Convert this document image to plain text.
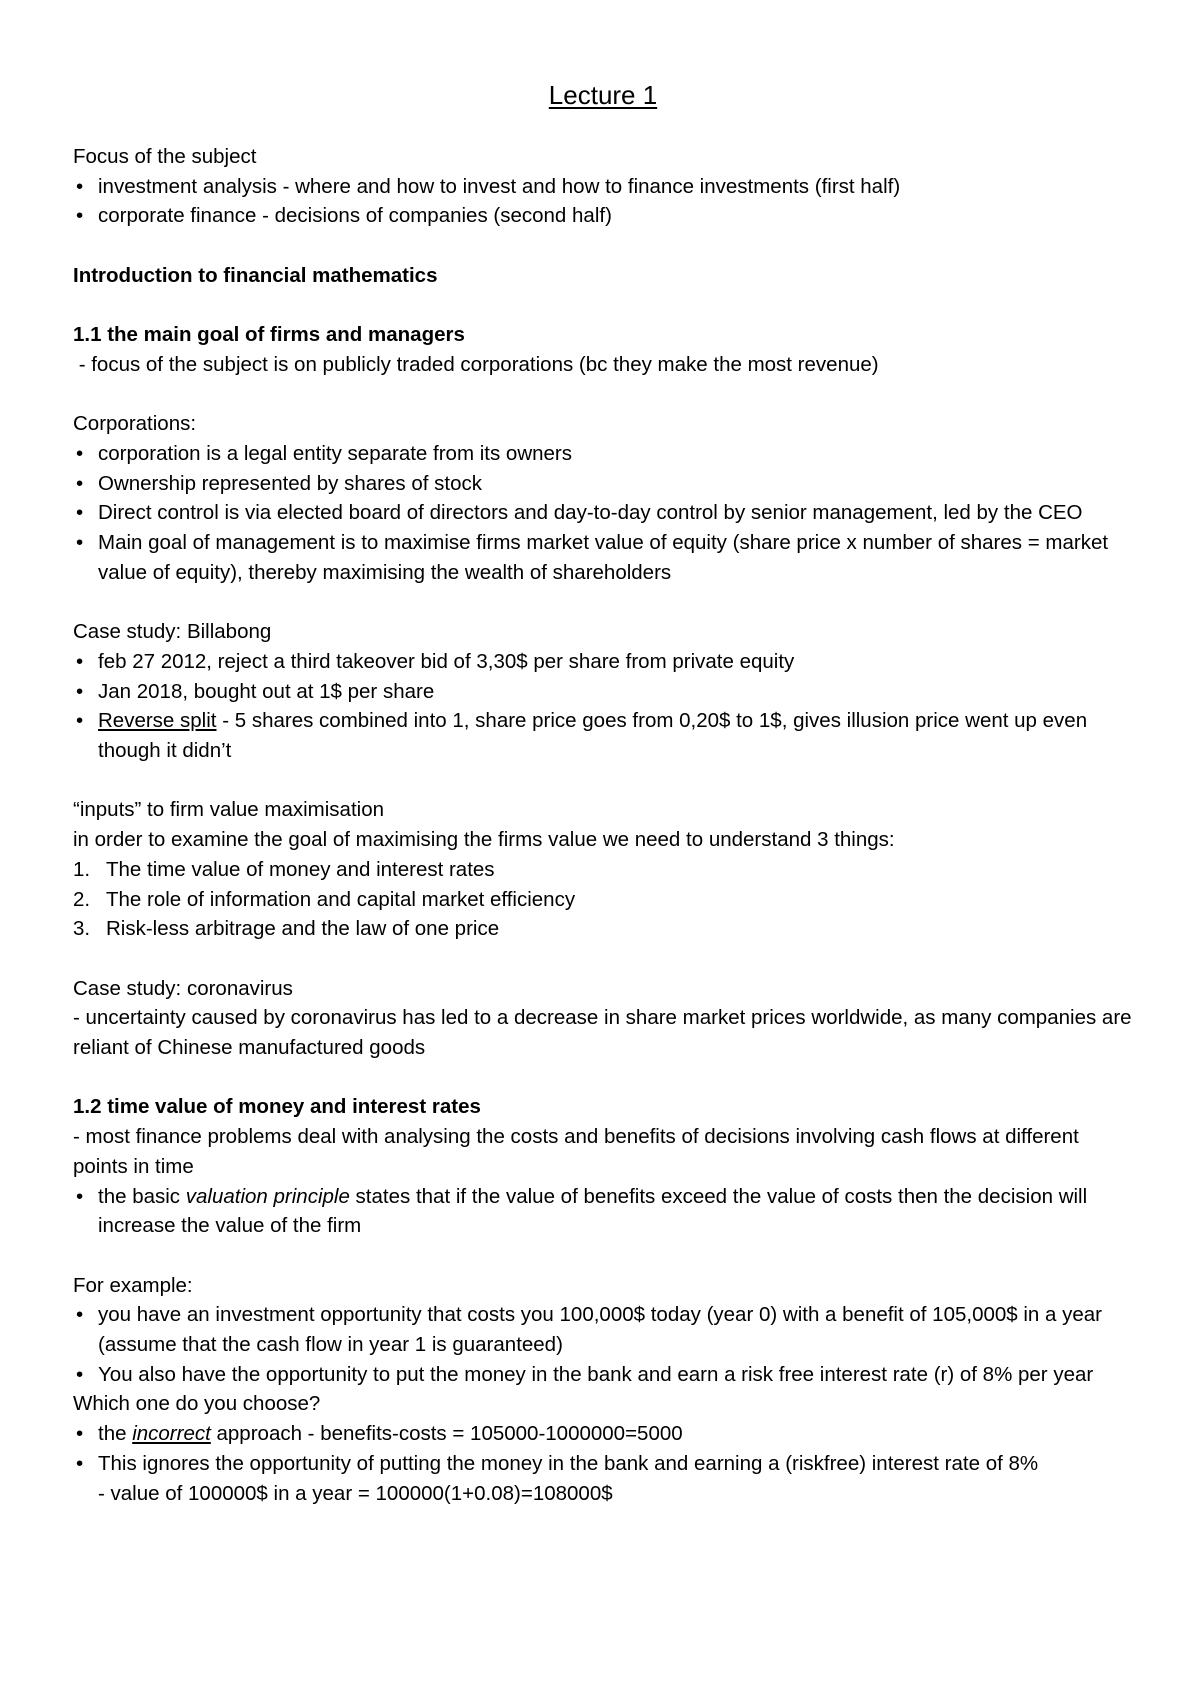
Lecture 1

Focus of the subject

• investment analysis - where and how to invest and how to finance investments (first half)
• corporate finance - decisions of companies (second half)

Introduction to financial mathematics

1.1 the main goal of firms and managers

- focus of the subject is on publicly traded corporations (bc they make the most revenue)

Corporations:

• corporation is a legal entity separate from its owners
• Ownership represented by shares of stock
• Direct control is via elected board of directors and day-to-day control by senior management, led by the CEO
• Main goal of management is to maximise firms market value of equity (share price x number of shares = market value of equity), thereby maximising the wealth of shareholders

Case study: Billabong

• feb 27 2012, reject a third takeover bid of 3,30$ per share from private equity
• Jan 2018, bought out at 1$ per share
• Reverse split - 5 shares combined into 1, share price goes from 0,20$ to 1$, gives illusion price went up even though it didn’t

“inputs” to firm value maximisation

in order to examine the goal of maximising the firms value we need to understand 3 things:

1. The time value of money and interest rates
2. The role of information and capital market efficiency
3. Risk-less arbitrage and the law of one price

Case study: coronavirus

- uncertainty caused by coronavirus has led to a decrease in share market prices worldwide, as many companies are reliant of Chinese manufactured goods

1.2 time value of money and interest rates

- most finance problems deal with analysing the costs and benefits of decisions involving cash flows at different points in time

• the basic valuation principle states that if the value of benefits exceed the value of costs then the decision will increase the value of the firm

For example:

• you have an investment opportunity that costs you 100,000$ today (year 0) with a benefit of 105,000$ in a year (assume that the cash flow in year 1 is guaranteed)
• You also have the opportunity to put the money in the bank and earn a risk free interest rate (r) of 8% per year

Which one do you choose?

• the incorrect approach - benefits-costs = 105000-1000000=5000
• This ignores the opportunity of putting the money in the bank and earning a (riskfree) interest rate of 8%
- value of 100000$ in a year = 100000(1+0.08)=108000$
